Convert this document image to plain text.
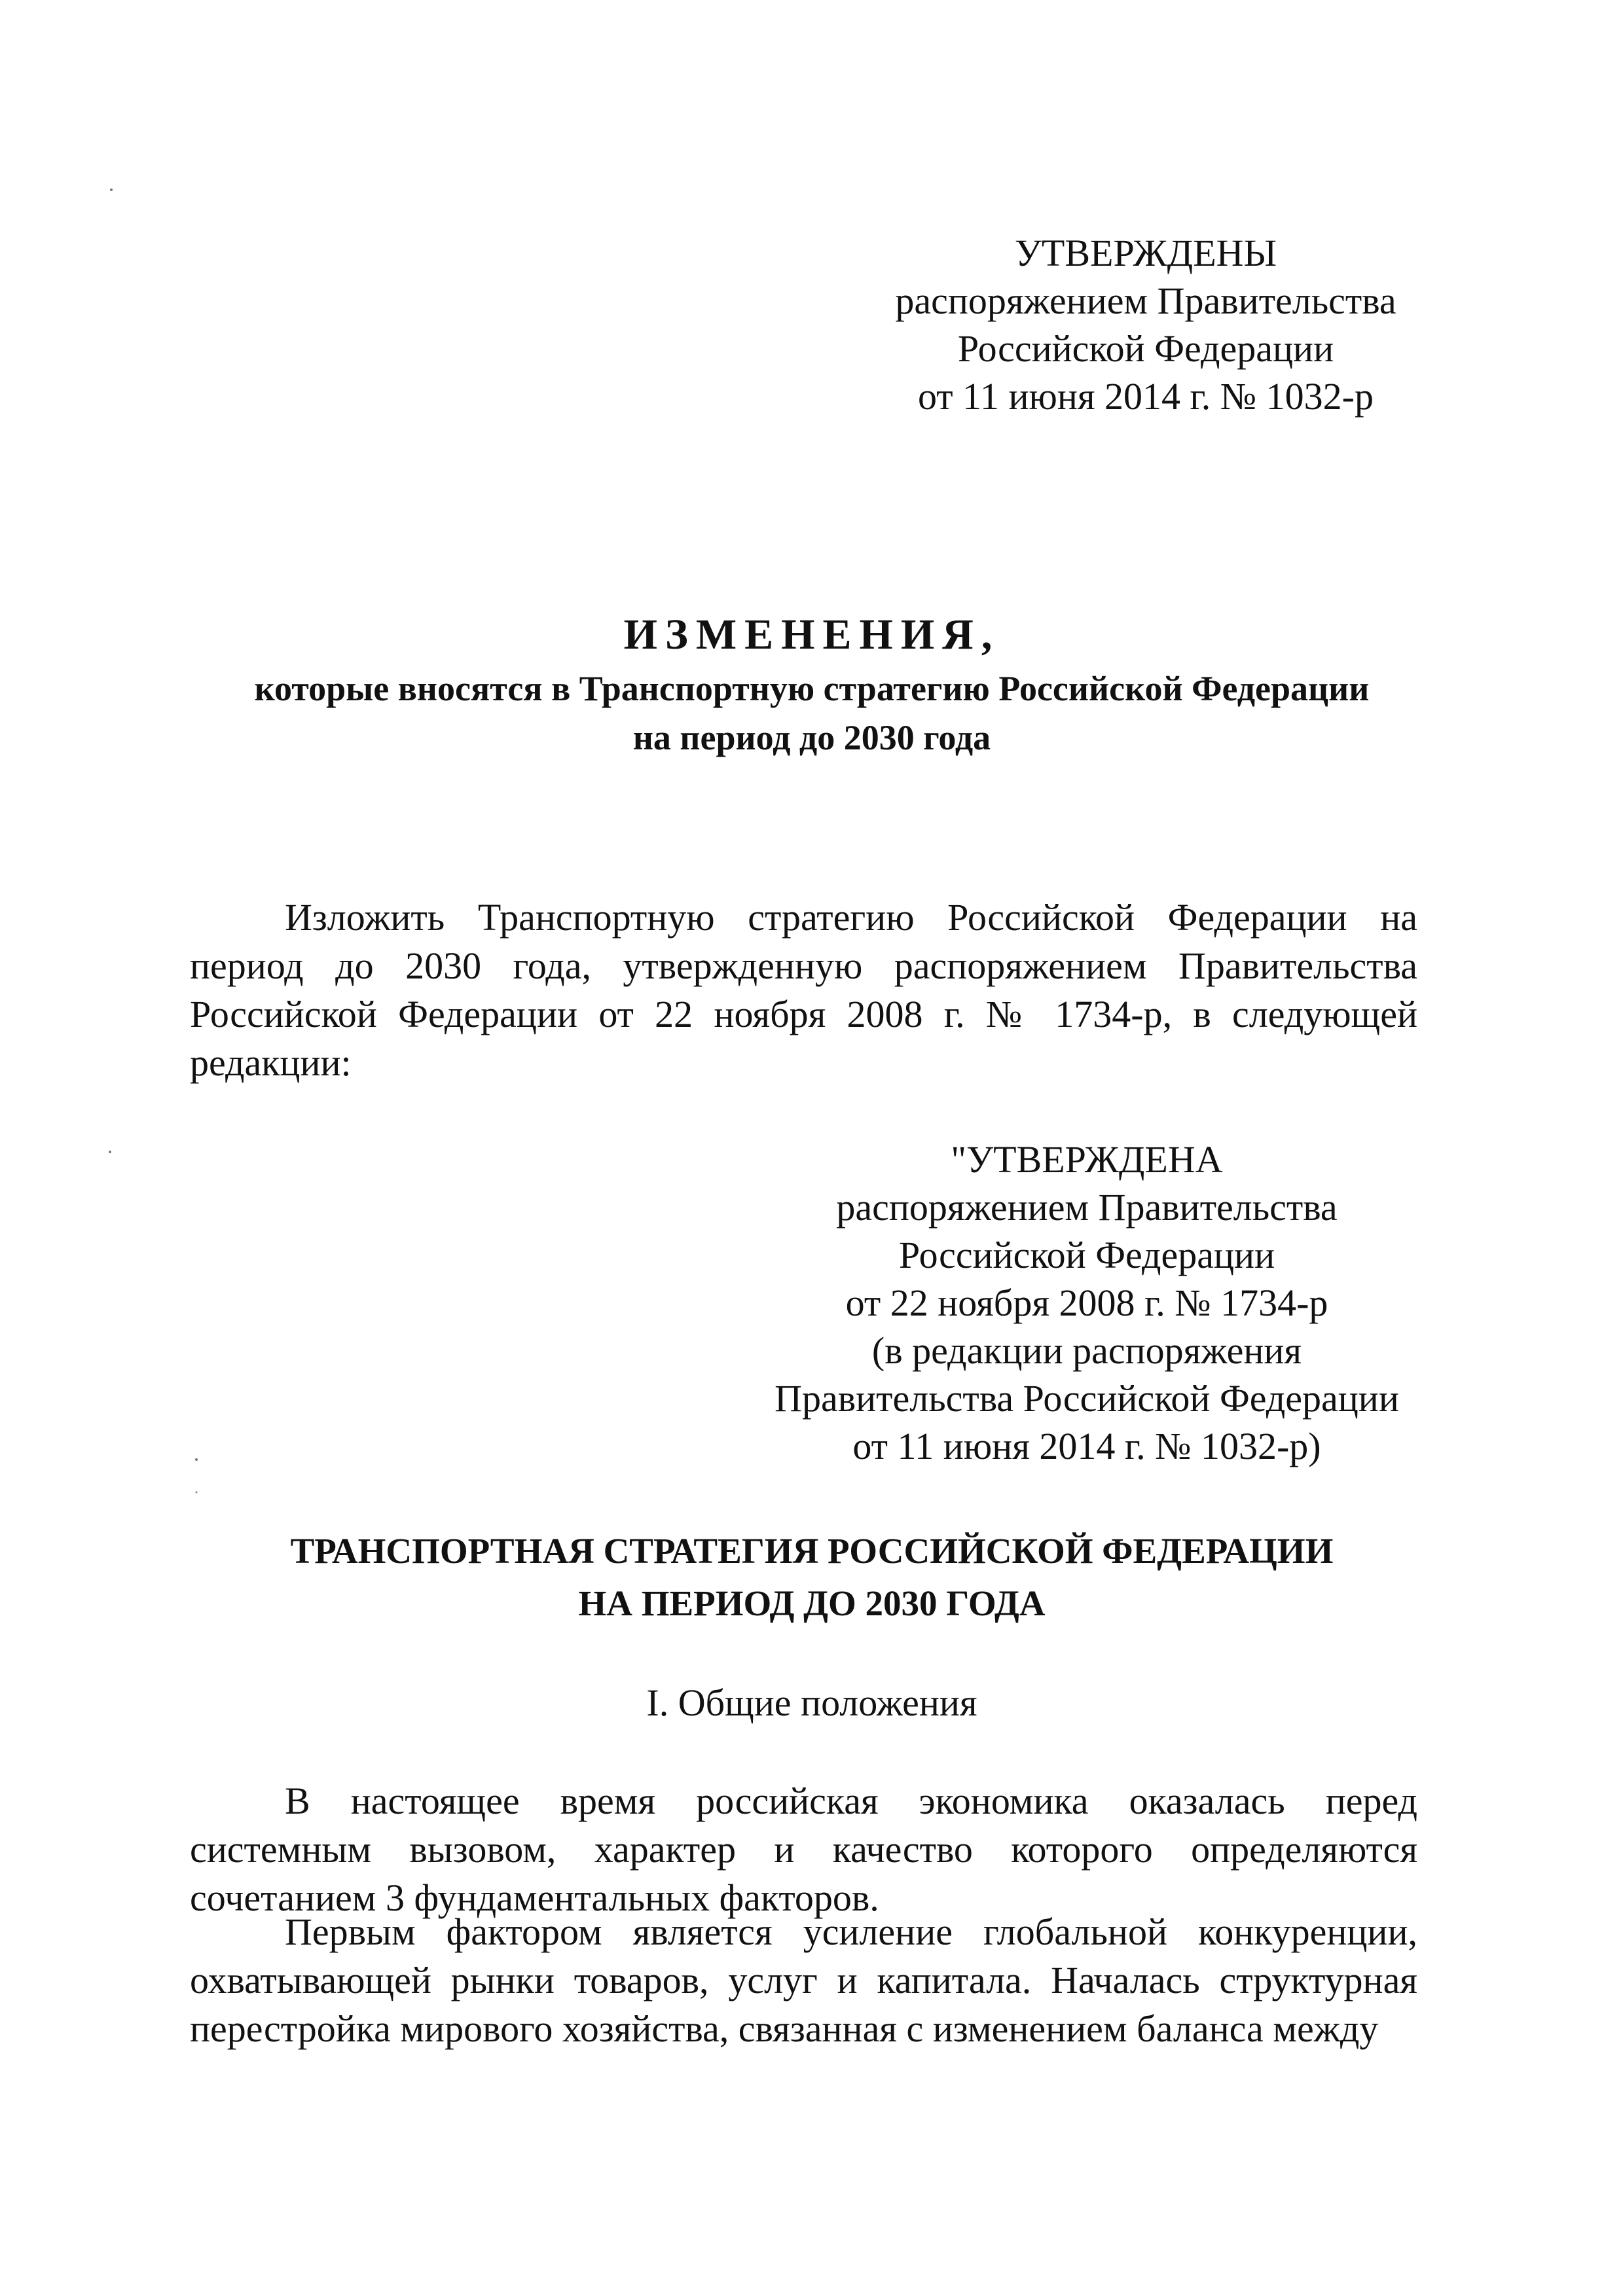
УТВЕРЖДЕНЫ
распоряжением Правительства
Российской Федерации
от 11 июня 2014 г. № 1032-р
ИЗМЕНЕНИЯ,
которые вносятся в Транспортную стратегию Российской Федерации
на период до 2030 года
Изложить Транспортную стратегию Российской Федерации на период до 2030 года, утвержденную распоряжением Правительства Российской Федерации от 22 ноября 2008 г. № 1734-р, в следующей редакции:
"УТВЕРЖДЕНА
распоряжением Правительства
Российской Федерации
от 22 ноября 2008 г. № 1734-р
(в редакции распоряжения
Правительства Российской Федерации
от 11 июня 2014 г. № 1032-р)
ТРАНСПОРТНАЯ СТРАТЕГИЯ РОССИЙСКОЙ ФЕДЕРАЦИИ
НА ПЕРИОД ДО 2030 ГОДА
I. Общие положения
В настоящее время российская экономика оказалась перед системным вызовом, характер и качество которого определяются сочетанием 3 фундаментальных факторов.
Первым фактором является усиление глобальной конкуренции, охватывающей рынки товаров, услуг и капитала. Началась структурная перестройка мирового хозяйства, связанная с изменением баланса между
